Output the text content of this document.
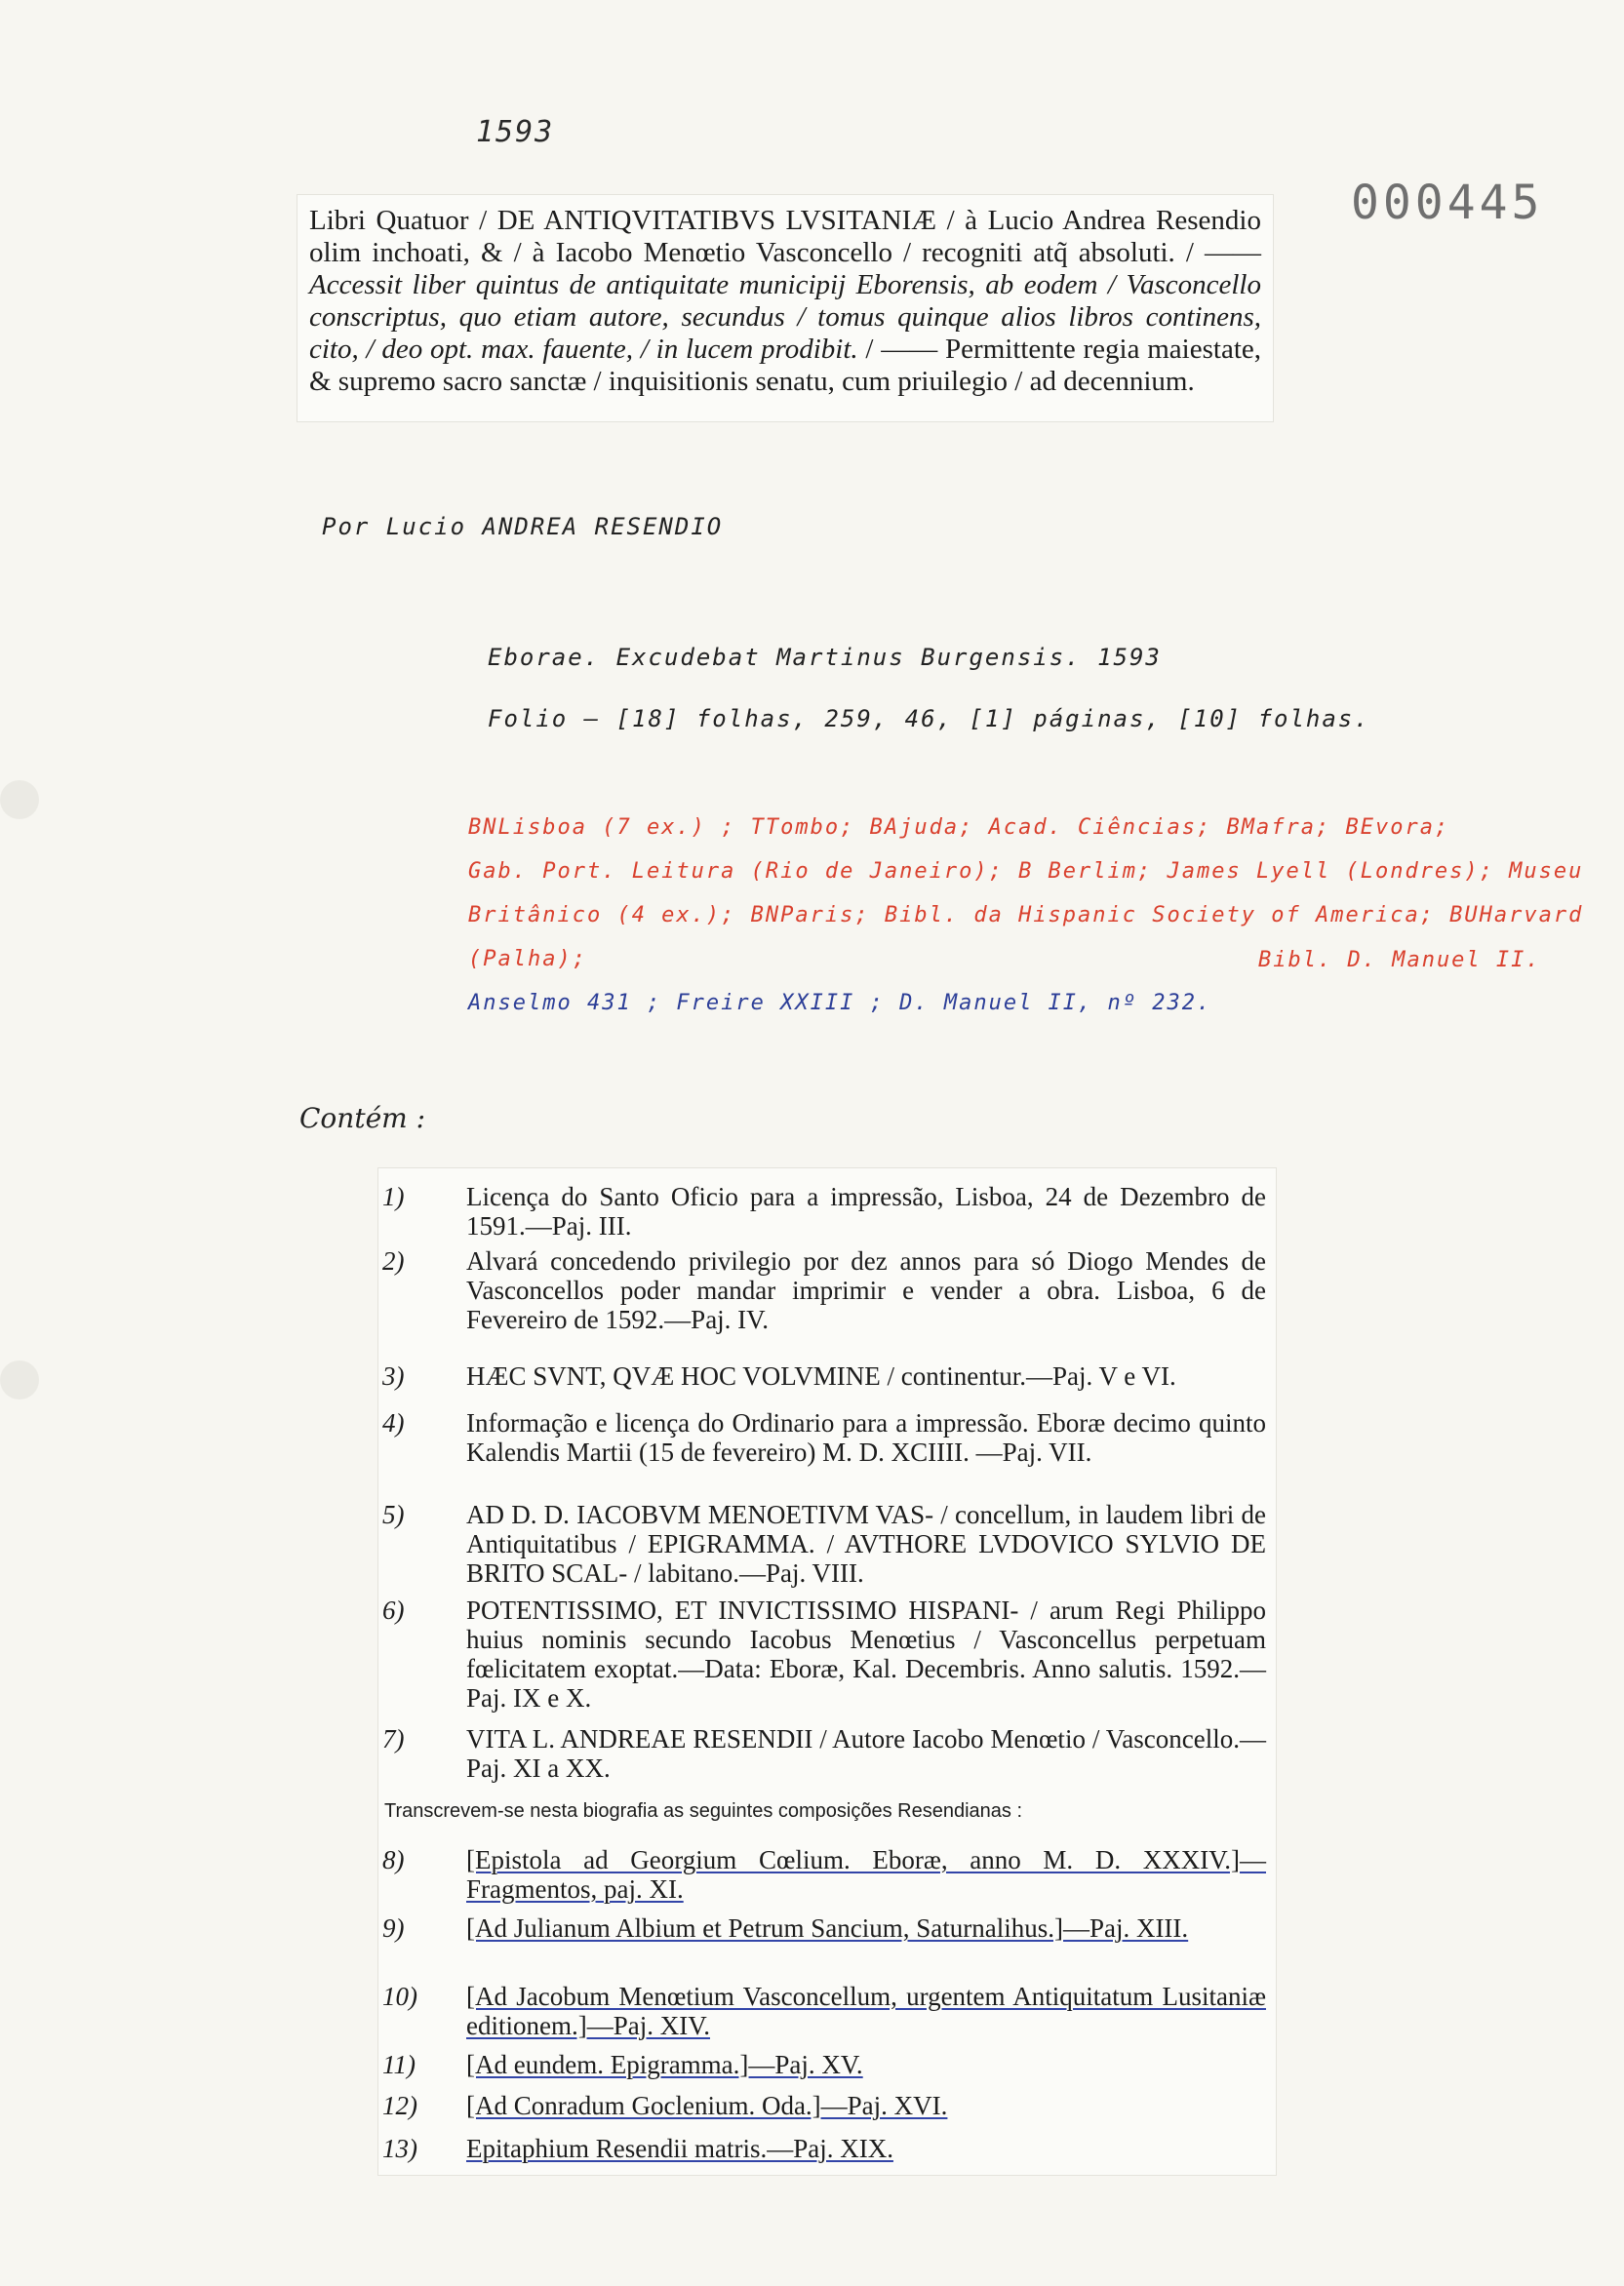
1593
000445

Libri Quatuor / DE ANTIQVITATIBVS LVSITANIÆ / à Lucio Andrea Resendio olim inchoati, & / à Iacobo Menœtio Vasconcello / recogniti atq̃ absoluti. / —— Accessit liber quintus de antiquitate municipij Eborensis, ab eodem / Vasconcello conscriptus, quo etiam autore, secundus / tomus quinque alios libros continens, cito, / deo opt. max. fauente, / in lucem prodibit. / —— Permittente regia maiestate, & supremo sacro sanctæ / inquisitionis senatu, cum priuilegio / ad decennium.

Por Lucio ANDREA RESENDIO
Eborae. Excudebat Martinus Burgensis. 1593
Folio – [18] folhas, 259, 46, [1] páginas, [10] folhas.
BNLisboa (7 ex.) ; TTombo; BAjuda; Acad. Ciências; BMafra; BEvora;
Gab. Port. Leitura (Rio de Janeiro); B Berlim; James Lyell (Londres); Museu
Britânico (4 ex.); BNParis; Bibl. da Hispanic Society of America; BUHarvard (Palha);
Anselmo 431 ; Freire XXIII ; D. Manuel II, nº 232.
Bibl. D. Manuel II.
Contém :
1) Licença do Santo Oficio para a impressão, Lisboa, 24 de Dezembro de 1591.—Paj. III.
2) Alvará concedendo privilegio por dez annos para só Diogo Mendes de Vasconcellos poder mandar imprimir e vender a obra. Lisboa, 6 de Fevereiro de 1592.—Paj. IV.
3) HÆC SVNT, QVÆ HOC VOLVMINE / continentur.—Paj. V e VI.
4) Informação e licença do Ordinario para a impressão. Eboræ decimo quinto Kalendis Martii (15 de fevereiro) M. D. XCIIII. —Paj. VII.
5) AD D. D. IACOBVM MENOETIVM VAS- / concellum, in laudem libri de Antiquitatibus / EPIGRAMMA. / AVTHORE LVDOVICO SYLVIO DE BRITO SCAL- / labitano.—Paj. VIII.
6) POTENTISSIMO, ET INVICTISSIMO HISPANI- / arum Regi Philippo huius nominis secundo Iacobus Menœtius / Vasconcellus perpetuam fœlicitatem exoptat.—Data: Eboræ, Kal. Decembris. Anno salutis. 1592.—Paj. IX e X.
7) VITA L. ANDREAE RESENDII / Autore Iacobo Menœtio / Vasconcello.—Paj. XI a XX.
Transcrevem-se nesta biografia as seguintes composições Resendianas :
8) [Epistola ad Georgium Cœlium. Eboræ, anno M. D. XXXIV.]—Fragmentos, paj. XI.
9) [Ad Julianum Albium et Petrum Sancium, Saturnalihus.]—Paj. XIII.
10) [Ad Jacobum Menœtium Vasconcellum, urgentem Antiquitatum Lusitaniæ editionem.]—Paj. XIV.
11) [Ad eundem. Epigramma.]—Paj. XV.
12) [Ad Conradum Goclenium. Oda.]—Paj. XVI.
13) Epitaphium Resendii matris.—Paj. XIX.
